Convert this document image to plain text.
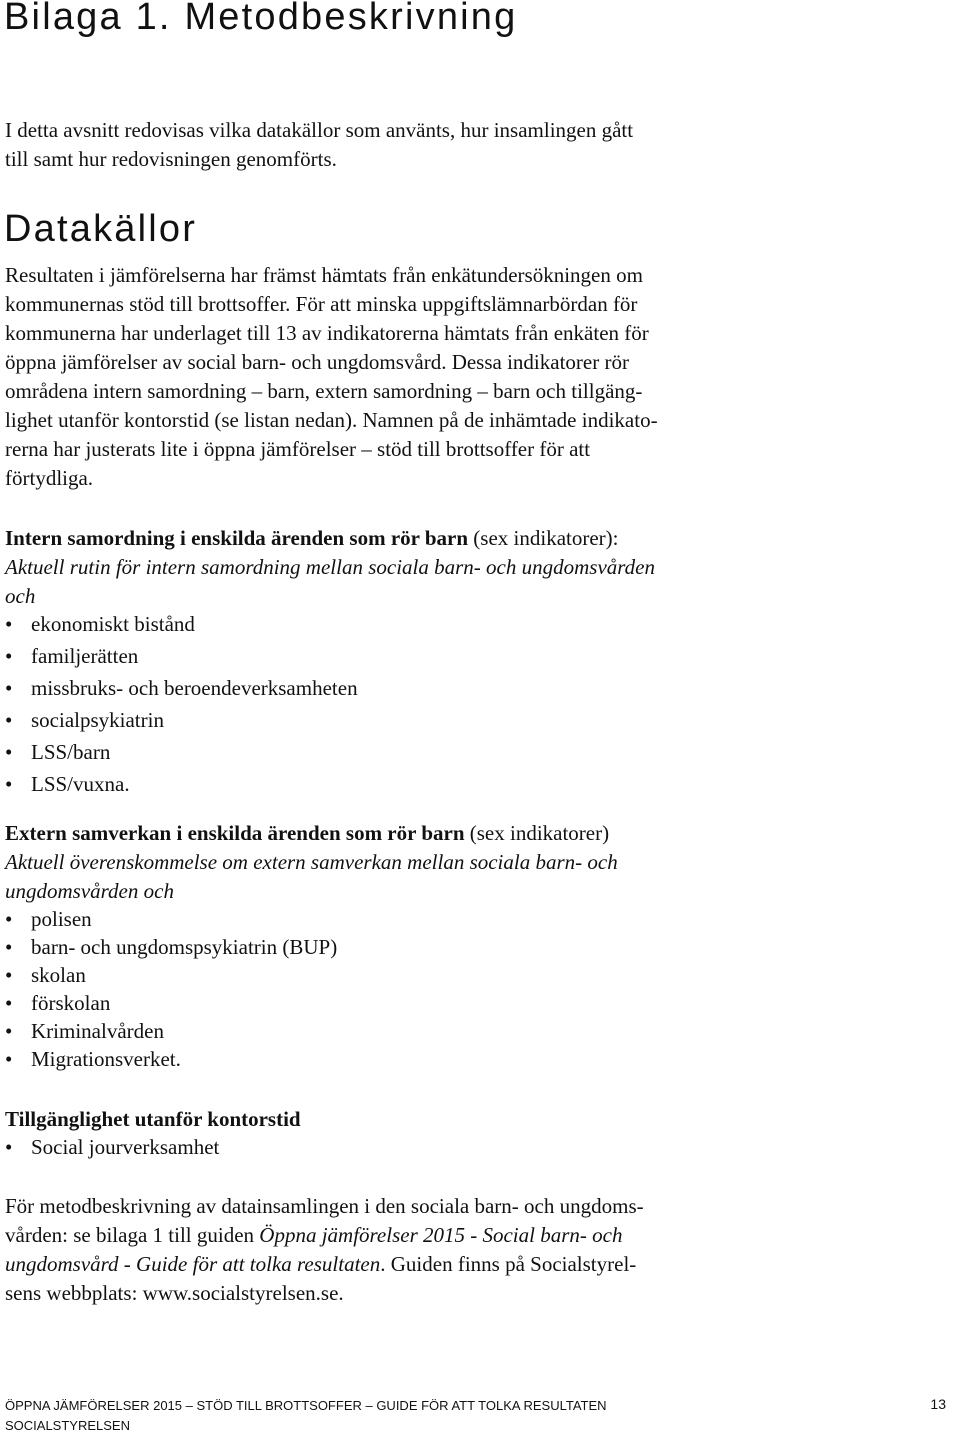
Bilaga 1. Metodbeskrivning

I detta avsnitt redovisas vilka datakällor som använts, hur insamlingen gått
till samt hur redovisningen genomförts.

Datakällor

Resultaten i jämförelserna har främst hämtats från enkätundersökningen om
kommunernas stöd till brottsoffer. För att minska uppgiftslämnarbördan för
kommunerna har underlaget till 13 av indikatorerna hämtats från enkäten för
öppna jämförelser av social barn- och ungdomsvård. Dessa indikatorer rör
områdena intern samordning – barn, extern samordning – barn och tillgäng-
lighet utanför kontorstid (se listan nedan). Namnen på de inhämtade indikato-
rerna har justerats lite i öppna jämförelser – stöd till brottsoffer för att
förtydliga.

Intern samordning i enskilda ärenden som rör barn (sex indikatorer):
Aktuell rutin för intern samordning mellan sociala barn- och ungdomsvården
och

• ekonomiskt bistånd
• familjerätten
• missbruks- och beroendeverksamheten
• socialpsykiatrin
• LSS/barn
• LSS/vuxna.

Extern samverkan i enskilda ärenden som rör barn (sex indikatorer)
Aktuell överenskommelse om extern samverkan mellan sociala barn- och
ungdomsvården och

• polisen
• barn- och ungdomspsykiatrin (BUP)
• skolan
• förskolan
• Kriminalvården
• Migrationsverket.

Tillgänglighet utanför kontorstid

• Social jourverksamhet

För metodbeskrivning av datainsamlingen i den sociala barn- och ungdoms-
vården: se bilaga 1 till guiden Öppna jämförelser 2015 - Social barn- och
ungdomsvård - Guide för att tolka resultaten. Guiden finns på Socialstyrel-
sens webbplats: www.socialstyrelsen.se.

ÖPPNA JÄMFÖRELSER 2015 – STÖD TILL BROTTSOFFER – GUIDE FÖR ATT TOLKA RESULTATEN
SOCIALSTYRELSEN
13
